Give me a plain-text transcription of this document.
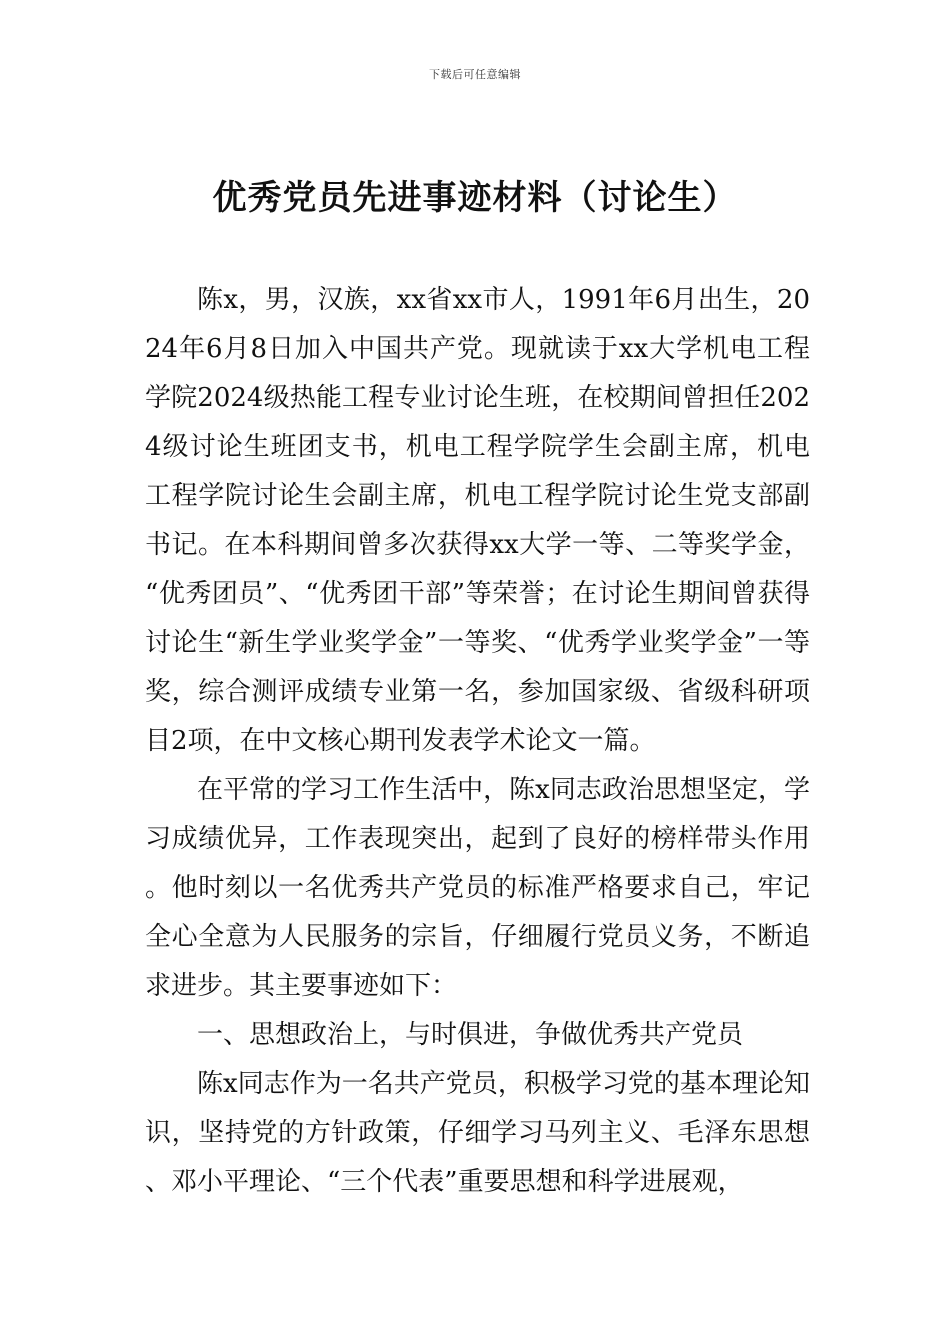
下载后可任意编辑
优秀党员先进事迹材料（讨论生）

陈x，男，汉族，xx省xx市人，1991年6月出生，2024年6月8日加入中国共产党。现就读于xx大学机电工程学院2024级热能工程专业讨论生班，在校期间曾担任2024级讨论生班团支书，机电工程学院学生会副主席，机电工程学院讨论生会副主席，机电工程学院讨论生党支部副书记。在本科期间曾多次获得xx大学一等、二等奖学金，“优秀团员”、“优秀团干部”等荣誉；在讨论生期间曾获得讨论生“新生学业奖学金”一等奖、“优秀学业奖学金”一等奖，综合测评成绩专业第一名，参加国家级、省级科研项目2项，在中文核心期刊发表学术论文一篇。

在平常的学习工作生活中，陈x同志政治思想坚定，学习成绩优异，工作表现突出，起到了良好的榜样带头作用。他时刻以一名优秀共产党员的标准严格要求自己，牢记全心全意为人民服务的宗旨，仔细履行党员义务，不断追求进步。其主要事迹如下：

一、思想政治上，与时俱进，争做优秀共产党员

陈x同志作为一名共产党员，积极学习党的基本理论知识，坚持党的方针政策，仔细学习马列主义、毛泽东思想、邓小平理论、“三个代表”重要思想和科学进展观，
